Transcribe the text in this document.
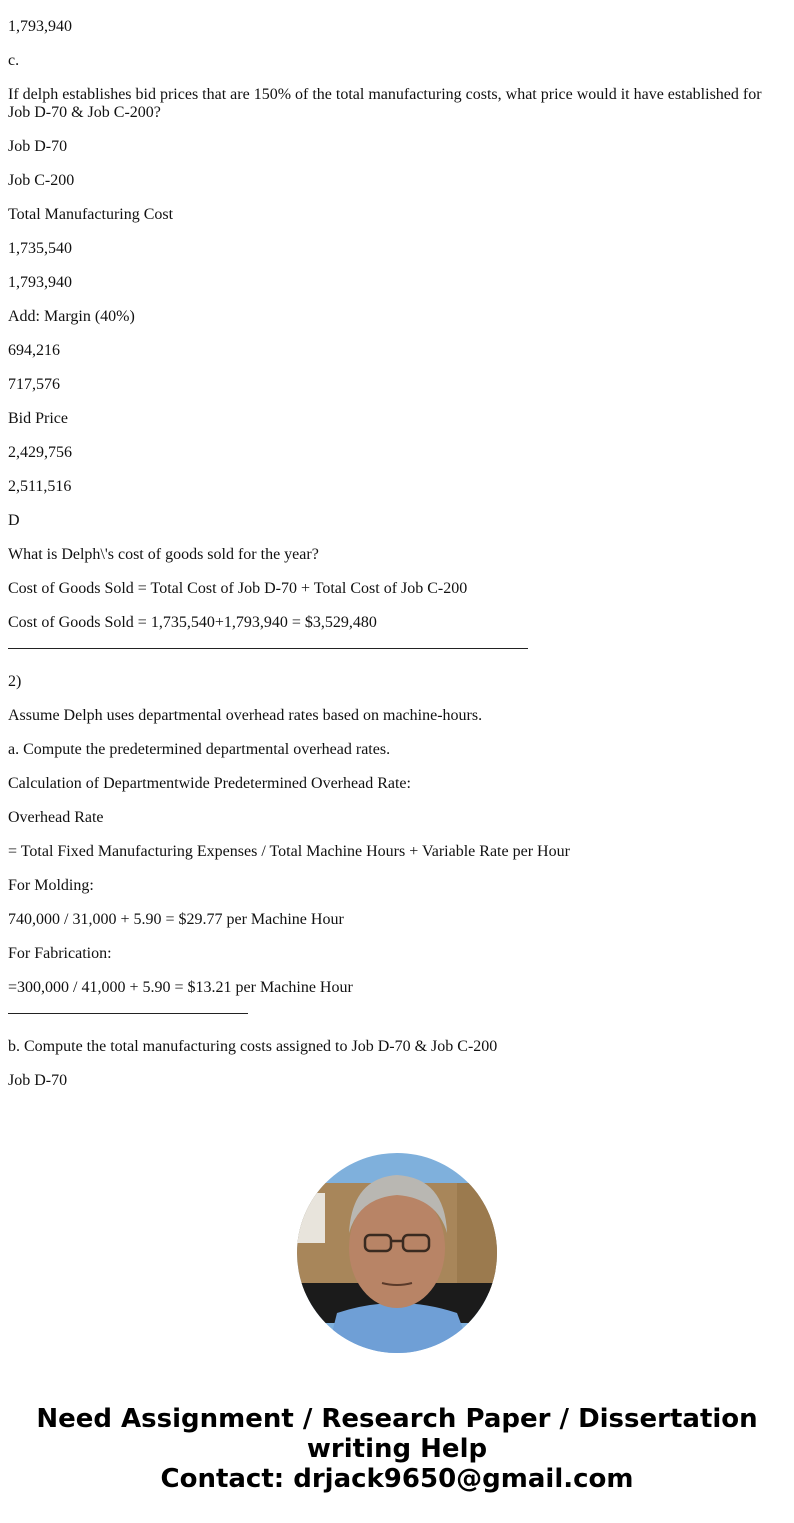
1,793,940

c.

If delph establishes bid prices that are 150% of the total manufacturing costs, what price would it have established for Job D-70 & Job C-200?

Job D-70

Job C-200

Total Manufacturing Cost

1,735,540

1,793,940

Add: Margin (40%)

694,216

717,576

Bid Price

2,429,756

2,511,516

D

What is Delph\'s cost of goods sold for the year?

Cost of Goods Sold = Total Cost of Job D-70 + Total Cost of Job C-200

Cost of Goods Sold = 1,735,540+1,793,940 = $3,529,480

2)

Assume Delph uses departmental overhead rates based on machine-hours.

a. Compute the predetermined departmental overhead rates.

Calculation of Departmentwide Predetermined Overhead Rate:

Overhead Rate

= Total Fixed Manufacturing Expenses / Total Machine Hours + Variable Rate per Hour

For Molding:

740,000 / 31,000 + 5.90 = $29.77 per Machine Hour

For Fabrication:

=300,000 / 41,000 + 5.90 = $13.21 per Machine Hour

b. Compute the total manufacturing costs assigned to Job D-70 & Job C-200

Job D-70

Need Assignment / Research Paper / Dissertation
writing Help
Contact: drjack9650@gmail.com
